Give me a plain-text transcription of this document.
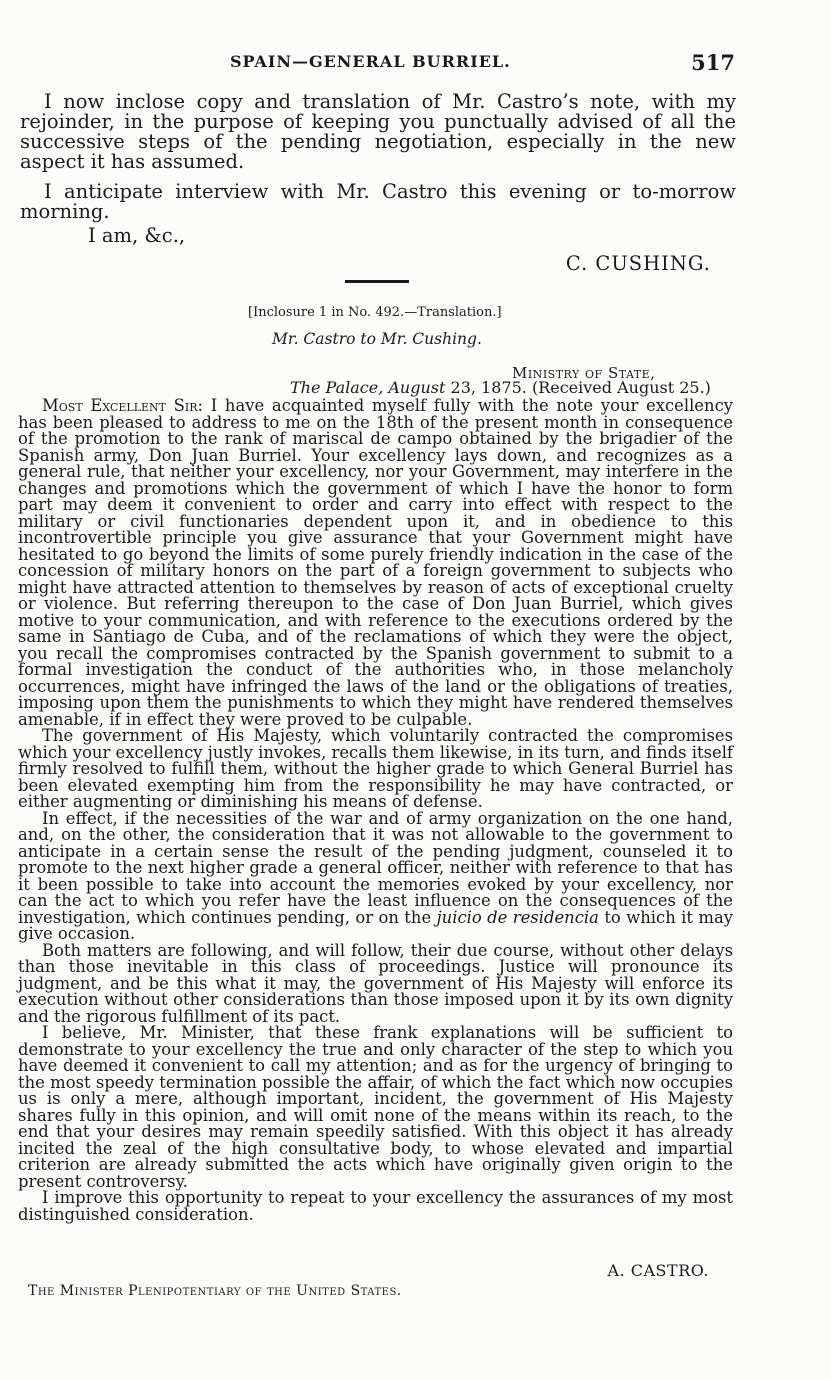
SPAIN—GENERAL BURRIEL.	517
I now inclose copy and translation of Mr. Castro’s note, with my rejoinder, in the purpose of keeping you punctually advised of all the successive steps of the pending negotiation, especially in the new aspect it has assumed.
I anticipate interview with Mr. Castro this evening or to-morrow morning.
I am, &c.,
C. CUSHING.
[Inclosure 1 in No. 492.—Translation.]
Mr. Castro to Mr. Cushing.
Ministry of State,
The Palace, August 23, 1875. (Received August 25.)

Most Excellent Sir: I have acquainted myself fully with the note your excellency has been pleased to address to me on the 18th of the present month in consequence of the promotion to the rank of mariscal de campo obtained by the brigadier of the Spanish army, Don Juan Burriel. Your excellency lays down, and recognizes as a general rule, that neither your excellency, nor your Government, may interfere in the changes and promotions which the government of which I have the honor to form part may deem it convenient to order and carry into effect with respect to the military or civil functionaries dependent upon it, and in obedience to this incontrovertible principle you give assurance that your Government might have hesitated to go beyond the limits of some purely friendly indication in the case of the concession of military honors on the part of a foreign government to subjects who might have attracted attention to themselves by reason of acts of exceptional cruelty or violence. But referring thereupon to the case of Don Juan Burriel, which gives motive to your communication, and with reference to the executions ordered by the same in Santiago de Cuba, and of the reclamations of which they were the object, you recall the compromises contracted by the Spanish government to submit to a formal investigation the conduct of the authorities who, in those melancholy occurrences, might have infringed the laws of the land or the obligations of treaties, imposing upon them the punishments to which they might have rendered themselves amenable, if in effect they were proved to be culpable.

The government of His Majesty, which voluntarily contracted the compromises which your excellency justly invokes, recalls them likewise, in its turn, and finds itself firmly resolved to fulfill them, without the higher grade to which General Burriel has been elevated exempting him from the responsibility he may have contracted, or either augmenting or diminishing his means of defense.

In effect, if the necessities of the war and of army organization on the one hand, and, on the other, the consideration that it was not allowable to the government to anticipate in a certain sense the result of the pending judgment, counseled it to promote to the next higher grade a general officer, neither with reference to that has it been possible to take into account the memories evoked by your excellency, nor can the act to which you refer have the least influence on the consequences of the investigation, which continues pending, or on the juicio de residencia to which it may give occasion.

Both matters are following, and will follow, their due course, without other delays than those inevitable in this class of proceedings. Justice will pronounce its judgment, and be this what it may, the government of His Majesty will enforce its execution without other considerations than those imposed upon it by its own dignity and the rigorous fulfillment of its pact.

I believe, Mr. Minister, that these frank explanations will be sufficient to demonstrate to your excellency the true and only character of the step to which you have deemed it convenient to call my attention; and as for the urgency of bringing to the most speedy termination possible the affair, of which the fact which now occupies us is only a mere, although important, incident, the government of His Majesty shares fully in this opinion, and will omit none of the means within its reach, to the end that your desires may remain speedily satisfied. With this object it has already incited the zeal of the high consultative body, to whose elevated and impartial criterion are already submitted the acts which have originally given origin to the present controversy.

I improve this opportunity to repeat to your excellency the assurances of my most distinguished consideration.

A. CASTRO.
The Minister Plenipotentiary of the United States.
